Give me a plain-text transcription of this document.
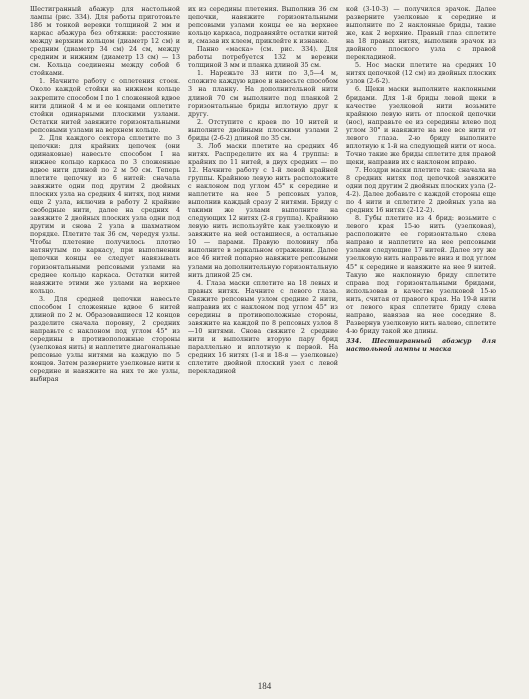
Шестигранный абажур для настольной лампы (рис. 334). Для работы приготовьте 186 м тонкой веревки толщиной 2 мм и каркас абажура без обтяжки: расстояние между верхним кольцом (диаметр 12 см) и средним (диаметр 34 см) 24 см, между средним и нижним (диаметр 13 см) — 13 см. Кольца соединены между собой 6 стойками.

1. Начните работу с оплетения стоек. Около каждой стойки на нижнем кольце закрепите способом I по 1 сложенной вдвое нити длиной 4 м и ее концами оплетите стойки одинарными плоскими узлами. Остатки нитей завяжите горизонтальными репсовыми узлами на верхнем кольце.

2. Для каждого сектора сплетите по 3 цепочки: для крайних цепочек (они одинаковые) навесьте способом I на нижнее кольцо каркаса по 3 сложенные вдвое нити длиной по 2 м 50 см. Теперь плетите цепочку из 6 нитей: сначала завяжите одни под другим 2 двойных плоских узла на средних 4 нитях, под ними еще 2 узла, включив в работу 2 крайние свободные нити, далее на средних 4 завяжите 2 двойных плоских узла одни под другим и снова 2 узла в шахматном порядке. Плетите так 36 см, чередуя узлы. Чтобы плетение получилось плотно натянутым по каркасу, при выполнении цепочки концы ее следует навязывать горизонтальными репсовыми узлами на среднее кольцо каркаса. Остатки нитей навяжите этими же узлами на верхнее кольцо.

3. Для средней цепочки навесьте способом I сложенные вдвое 6 нитей длиной по 2 м. Образовавшиеся 12 концов разделите сначала поровну, 2 средних направьте с наклоном под углом 45° из середины в противоположные стороны (узелковая нить) и наплетите диагональные репсовые узлы нитями на каждую по 5 концов. Затем разверните узелковые нити к середине и навяжите на них те же узлы, выбирая

их из середины плетения. Выполнив 36 см цепочки, навяжите горизонтальными репсовыми узлами концы ее на верхнее кольцо каркаса, подравняйте остатки нитей и, смазав их клеем, приклейте к изнанке.

Панно «маска» (см. рис. 334). Для работы потребуется 132 м веревки толщиной 3 мм и планка длиной 35 см.

1. Нарежьте 33 нити по 3,5—4 м, сложите каждую вдвое и навесьте способом 3 на планку. На дополнительной нити длиной 70 см выполните под планкой 2 горизонтальные бриды вплотную друг к другу.

2. Отступите с краев по 10 нитей и выполните двойными плоскими узлами 2 бриды (2-6-2) длиной по 35 см.

3. Лоб маски плетите на средних 46 нитях. Распределите их на 4 группы: в крайних по 11 нитей, в двух средних — по 12. Начните работу с 1-й левой крайней группы. Крайнюю левую нить расположите с наклоном под углом 45° к середине и наплетите на нее 5 репсовых узлов, выполнив каждый сразу 2 нитями. Бриду с такими же узлами выполните на следующих 12 нитях (2-я группа). Крайнюю левую нить используйте как узелковую и завяжите на ней оставшиеся, а остальные 10 — парами. Правую половину лба выполните в зеркальном отражении. Далее все 46 нитей попарно навяжите репсовыми узлами на дополнительную горизонтальную нить длиной 25 см.

4. Глаза маски сплетите на 18 левых и правых нитях. Начните с левого глаза. Свяжите репсовым узлом средние 2 нити, направив их с наклоном под углом 45° из середины в противоположные стороны, завяжите на каждой по 8 репсовых узлов 8—10 нитями. Снова свяжите 2 средние нити и выполните вторую пару брид параллельно и вплотную к первой. На средних 16 нитях (1-я и 18-я — узелковые) сплетите двойной плоский узел с левой перекладиной

кой (3-10-3) — получился зрачок. Далее разверните узелковые к середине и выполните по 2 наклонные бриды, такие же, как 2 верхние. Правый глаз сплетите на 18 правых нитях, выполнив зрачок из двойного плоского узла с правой перекладиной.

5. Нос маски плетите на средних 10 нитях цепочкой (12 см) из двойных плоских узлов (2-6-2).

6. Щеки маски выполните наклонными бридами. Для 1-й бриды левой щеки в качестве узелковой нити возьмите крайнюю левую нить от плоской цепочки (нос), направьте ее из середины влево под углом 30° и навяжите на нее все нити от левого глаза. 2-ю бриду выполните вплотную к 1-й на следующей нити от носа. Точно такие же бриды сплетите для правой щеки, направив их с наклоном вправо.

7. Ноздри маски плетите так: сначала на 8 средних нитях под цепочкой завяжите одни под другим 2 двойных плоских узла (2-4-2). Далее добавьте с каждой стороны еще по 4 нити и сплетите 2 двойных узла на средних 16 нитях (2-12-2).

8. Губы плетите из 4 брид: возьмите с левого края 15-ю нить (узелковая), расположите ее горизонтально слева направо и наплетите на нее репсовыми узлами следующие 17 нитей. Далее эту же узелковую нить направьте вниз и под углом 45° к середине и навяжите на нее 9 нитей. Такую же наклонную бриду сплетите справа под горизонтальными бридами, использовав в качестве узелковой 15-ю нить, считая от правого края. На 19-й нити от левого края сплетите бриду слева направо, навязав на нее соседние 8. Развернув узелковую нить налево, сплетите 4-ю бриду такой же длины.

334. Шестигранный абажур для настольной лампы и маска

184
